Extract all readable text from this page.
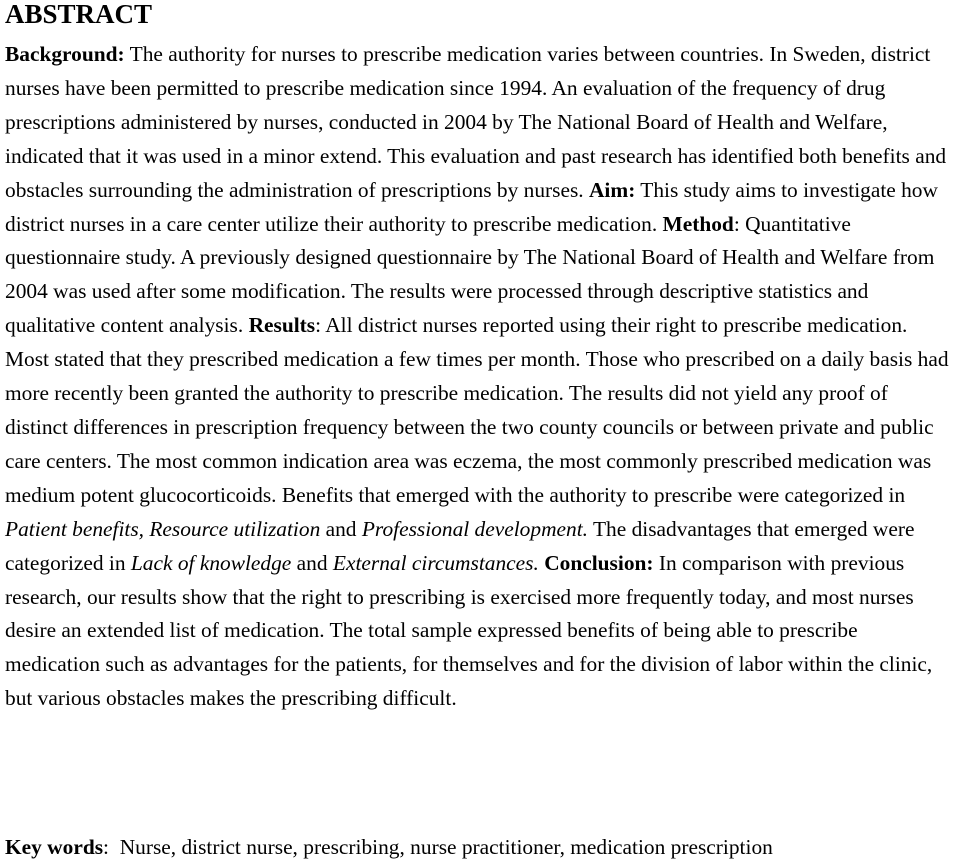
ABSTRACT

Background: The authority for nurses to prescribe medication varies between countries. In Sweden, district nurses have been permitted to prescribe medication since 1994. An evaluation of the frequency of drug prescriptions administered by nurses, conducted in 2004 by The National Board of Health and Welfare, indicated that it was used in a minor extend. This evaluation and past research has identified both benefits and obstacles surrounding the administration of prescriptions by nurses. Aim: This study aims to investigate how district nurses in a care center utilize their authority to prescribe medication. Method: Quantitative questionnaire study. A previously designed questionnaire by The National Board of Health and Welfare from 2004 was used after some modification. The results were processed through descriptive statistics and qualitative content analysis. Results: All district nurses reported using their right to prescribe medication. Most stated that they prescribed medication a few times per month. Those who prescribed on a daily basis had more recently been granted the authority to prescribe medication. The results did not yield any proof of distinct differences in prescription frequency between the two county councils or between private and public care centers. The most common indication area was eczema, the most commonly prescribed medication was medium potent glucocorticoids. Benefits that emerged with the authority to prescribe were categorized in Patient benefits, Resource utilization and Professional development. The disadvantages that emerged were categorized in Lack of knowledge and External circumstances. Conclusion: In comparison with previous research, our results show that the right to prescribing is exercised more frequently today, and most nurses desire an extended list of medication. The total sample expressed benefits of being able to prescribe medication such as advantages for the patients, for themselves and for the division of labor within the clinic, but various obstacles makes the prescribing difficult.

Key words:  Nurse, district nurse, prescribing, nurse practitioner, medication prescription
